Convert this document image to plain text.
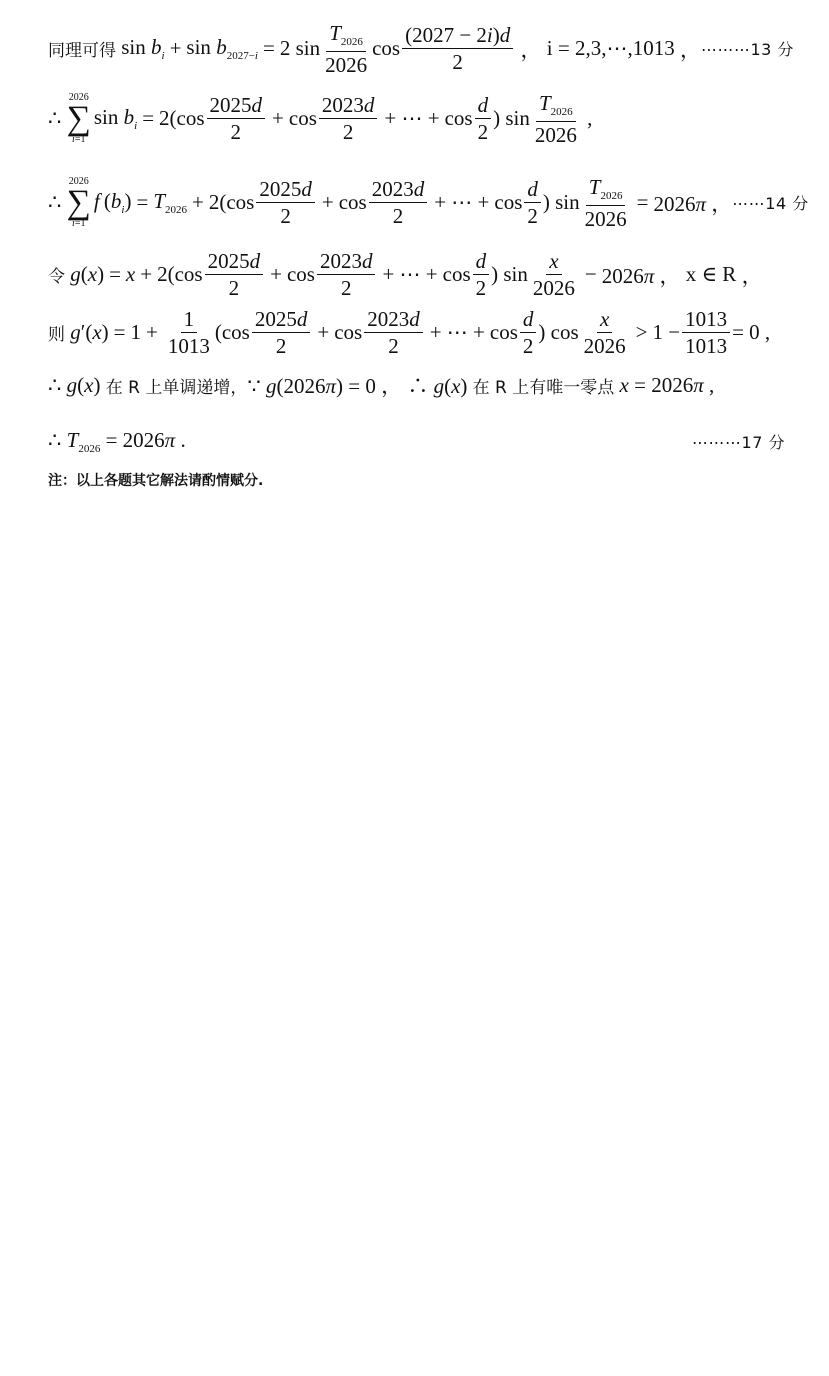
同理可得 $\sin b_i + \sin b_{2027-i} = 2$ sin
$T_{2026}$
2026
cos
(2027 − 2i)d
2
， i = 2,3,⋯,1013 ， ⋯⋯⋯13 分
∴
2026
∑
i=1
$\sin b_i = 2(\cos$
2025d
2
+ cos
2023d
2
+ ⋯ + cos
d
2
) sin
$T_{2026}$
2026
,
∴
2026
∑
i=1
f $(b_i) = T_{2026} + 2(\cos$
2025d
2
+ cos
2023d
2
+ ⋯ + cos
d
2
) $\sin \frac{T_{2026}}{2026} = 2026\pi$ ， ⋯⋯14 分
令 g(x) = x + 2(cos
2025d
2
+ cos
2023d
2
+ ⋯ + cos
d
2
) sin
x
2026
− 2026π ， x ∈ R ，
则 $g'(x) = 1 + \frac{1}{1013} (\cos$
2025d
2
+ cos
2023d
2
+ ⋯ + cos
d
2
) cos
x
2026
> $1 - \frac{1013}{1013} = 0$ ,
∴ g(x) 在 R 上单调递增， ∵ g(2026π) = 0 ， ∴ g(x) 在 R 上有唯一零点 x = 2026π ,
∴ $T_{2026} = 2026\pi$ .	⋯⋯⋯17 分
注：以上各题其它解法请酌情赋分.
